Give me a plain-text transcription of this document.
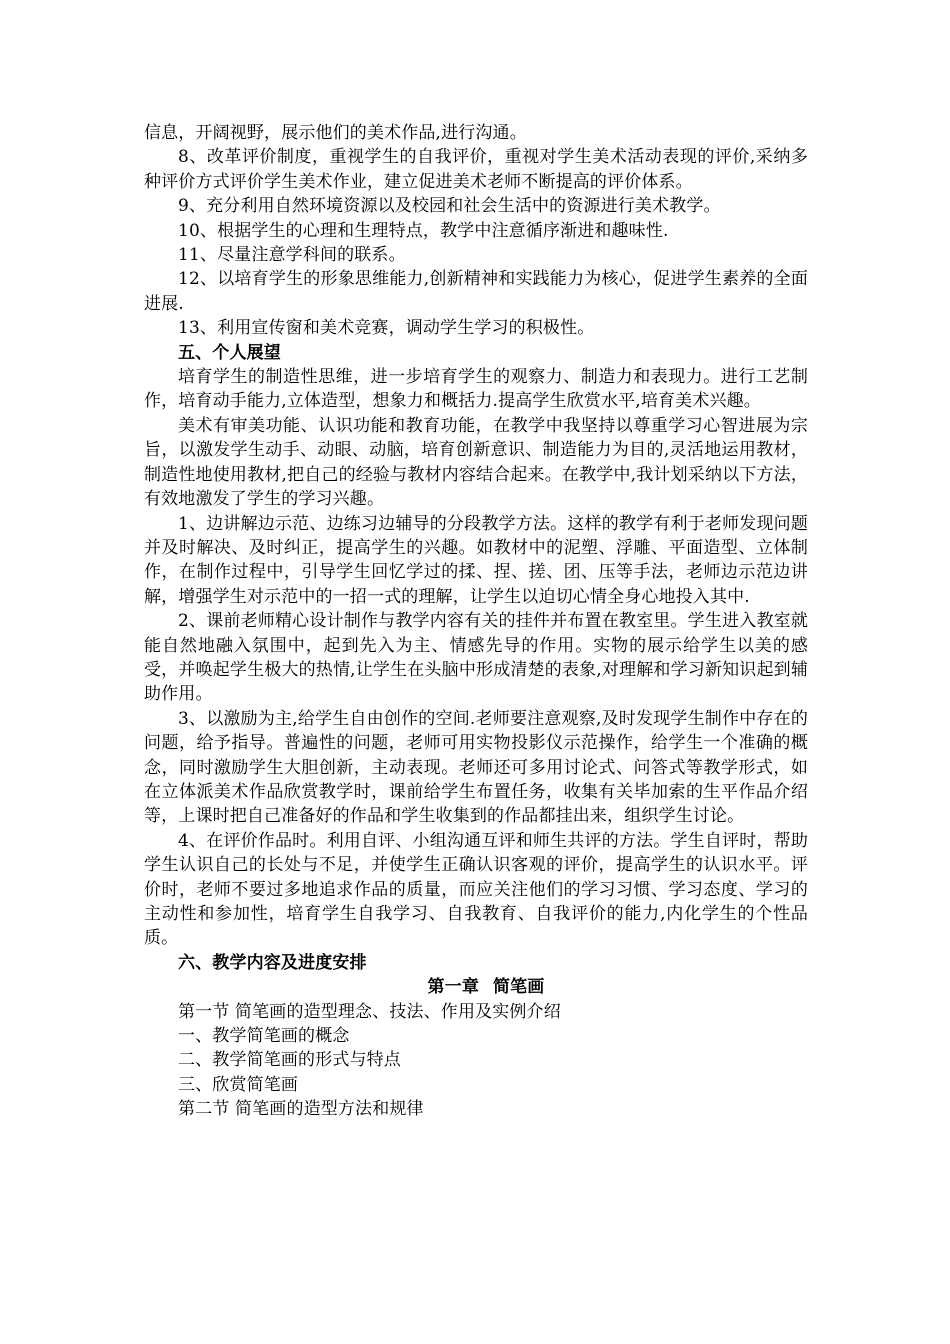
信息，开阔视野，展示他们的美术作品,进行沟通。

8、改革评价制度，重视学生的自我评价，重视对学生美术活动表现的评价,采纳多种评价方式评价学生美术作业，建立促进美术老师不断提高的评价体系。

9、充分利用自然环境资源以及校园和社会生活中的资源进行美术教学。

10、根据学生的心理和生理特点，教学中注意循序渐进和趣味性.

11、尽量注意学科间的联系。

12、以培育学生的形象思维能力,创新精神和实践能力为核心，促进学生素养的全面进展.

13、利用宣传窗和美术竞赛，调动学生学习的积极性。

五、个人展望

培育学生的制造性思维，进一步培育学生的观察力、制造力和表现力。进行工艺制作，培育动手能力,立体造型，想象力和概括力.提高学生欣赏水平,培育美术兴趣。

美术有审美功能、认识功能和教育功能，在教学中我坚持以尊重学习心智进展为宗旨，以激发学生动手、动眼、动脑，培育创新意识、制造能力为目的,灵活地运用教材，制造性地使用教材,把自己的经验与教材内容结合起来。在教学中,我计划采纳以下方法，有效地激发了学生的学习兴趣。

1、边讲解边示范、边练习边辅导的分段教学方法。这样的教学有利于老师发现问题并及时解决、及时纠正，提高学生的兴趣。如教材中的泥塑、浮雕、平面造型、立体制作，在制作过程中，引导学生回忆学过的揉、捏、搓、团、压等手法，老师边示范边讲解，增强学生对示范中的一招一式的理解，让学生以迫切心情全身心地投入其中.

2、课前老师精心设计制作与教学内容有关的挂件并布置在教室里。学生进入教室就能自然地融入氛围中，起到先入为主、情感先导的作用。实物的展示给学生以美的感受，并唤起学生极大的热情,让学生在头脑中形成清楚的表象,对理解和学习新知识起到辅助作用。

3、以激励为主,给学生自由创作的空间.老师要注意观察,及时发现学生制作中存在的问题，给予指导。普遍性的问题，老师可用实物投影仪示范操作，给学生一个准确的概念，同时激励学生大胆创新，主动表现。老师还可多用讨论式、问答式等教学形式，如在立体派美术作品欣赏教学时，课前给学生布置任务，收集有关毕加索的生平作品介绍等，上课时把自己准备好的作品和学生收集到的作品都挂出来，组织学生讨论。

4、在评价作品时。利用自评、小组沟通互评和师生共评的方法。学生自评时，帮助学生认识自己的长处与不足，并使学生正确认识客观的评价，提高学生的认识水平。评价时，老师不要过多地追求作品的质量，而应关注他们的学习习惯、学习态度、学习的主动性和参加性，培育学生自我学习、自我教育、自我评价的能力,内化学生的个性品质。

六、教学内容及进度安排

第一章 简笔画

第一节 简笔画的造型理念、技法、作用及实例介绍

一、教学简笔画的概念

二、教学简笔画的形式与特点

三、欣赏简笔画

第二节 简笔画的造型方法和规律
